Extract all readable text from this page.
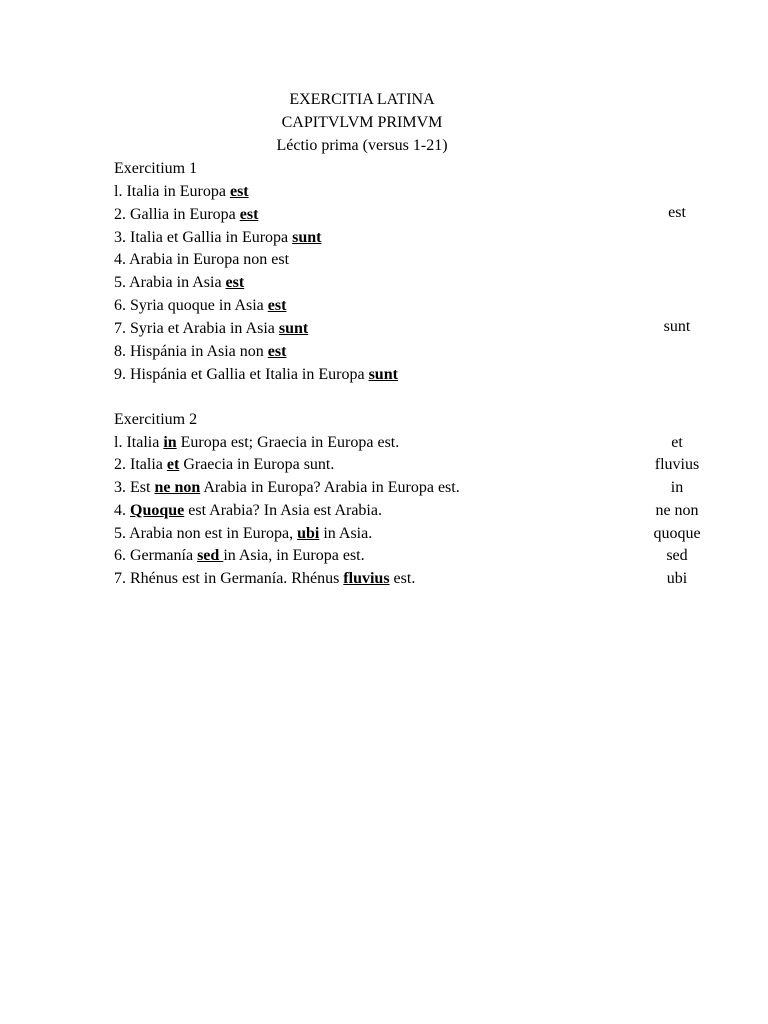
EXERCITIA LATINA
CAPITVLVM PRIMVM
Léctio prima (versus 1-21)
Exercitium 1
l. Italia in Europa est
2. Gallia in Europa est
3. Italia et Gallia in Europa sunt
4. Arabia in Europa non est
5. Arabia in Asia est
6. Syria quoque in Asia est
7. Syria et Arabia in Asia sunt
8. Hispánia in Asia non est
9. Hispánia et Gallia et Italia in Europa sunt
est
sunt
Exercitium 2
l. Italia in Europa est; Graecia in Europa est.
2. Italia et Graecia in Europa sunt.
3. Est ne non Arabia in Europa? Arabia in Europa est.
4. Quoque est Arabia? In Asia est Arabia.
5. Arabia non est in Europa, ubi in Asia.
6. Germanía sed in Asia, in Europa est.
7. Rhénus est in Germanía. Rhénus fluvius est.
et
fluvius
in
ne non
quoque
sed
ubi
